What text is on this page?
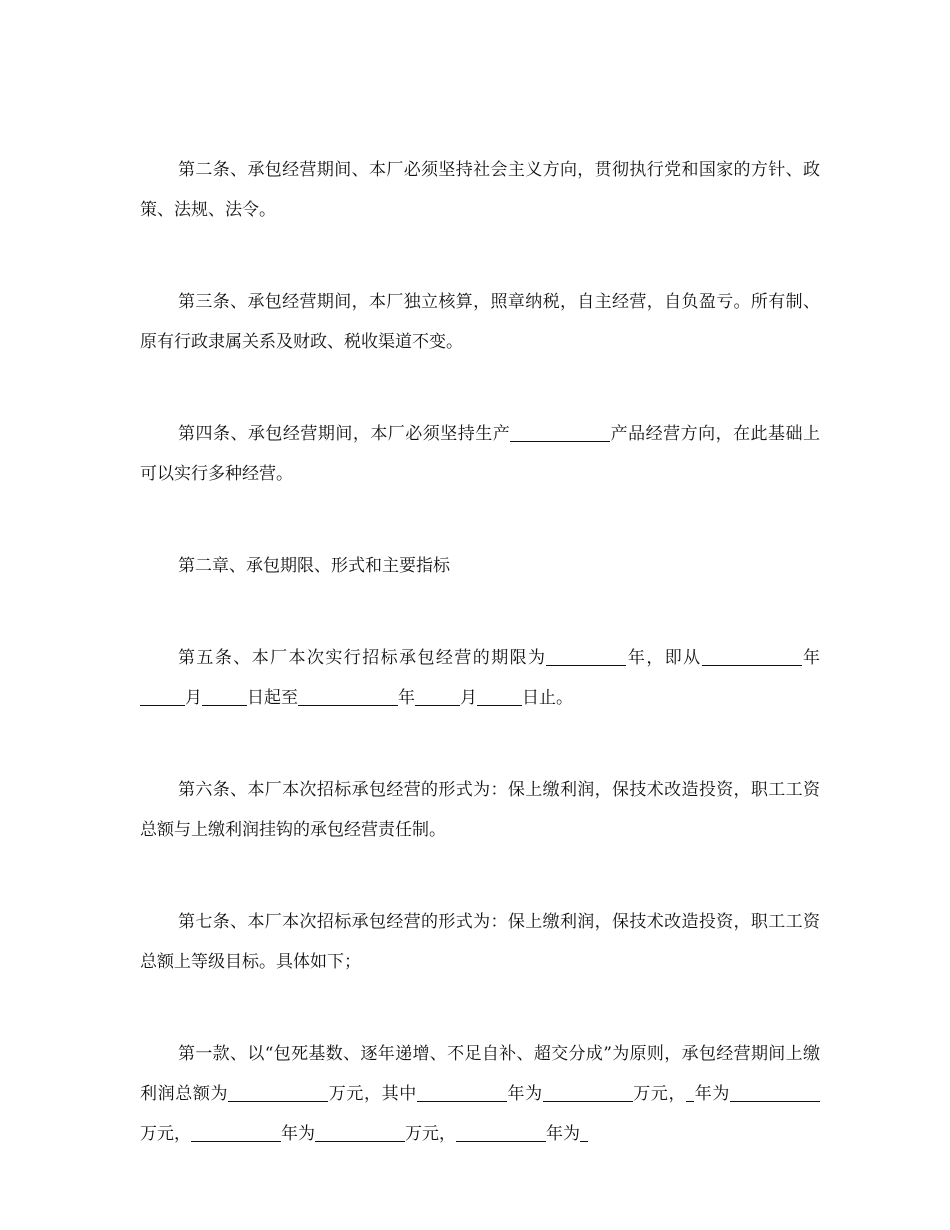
第二条、承包经营期间、本厂必须坚持社会主义方向，贯彻执行党和国家的方针、政策、法规、法令。

第三条、承包经营期间，本厂独立核算，照章纳税，自主经营，自负盈亏。所有制、原有行政隶属关系及财政、税收渠道不变。

第四条、承包经营期间，本厂必须坚持生产	产品经营方向，在此基础上可以实行多种经营。

第二章、承包期限、形式和主要指标

第五条、本厂本次实行招标承包经营的期限为	年，即从	年月	日起至	年	月	日止。

第六条、本厂本次招标承包经营的形式为：保上缴利润，保技术改造投资，职工工资总额与上缴利润挂钩的承包经营责任制。

第七条、本厂本次招标承包经营的形式为：保上缴利润，保技术改造投资，职工工资总额上等级目标。具体如下；

第一款、以“包死基数、逐年递增、不足自补、超交分成”为原则，承包经营期间上缴利润总额为	万元，其中	年为	万元， 年为万元，	年为	万元，	年为
